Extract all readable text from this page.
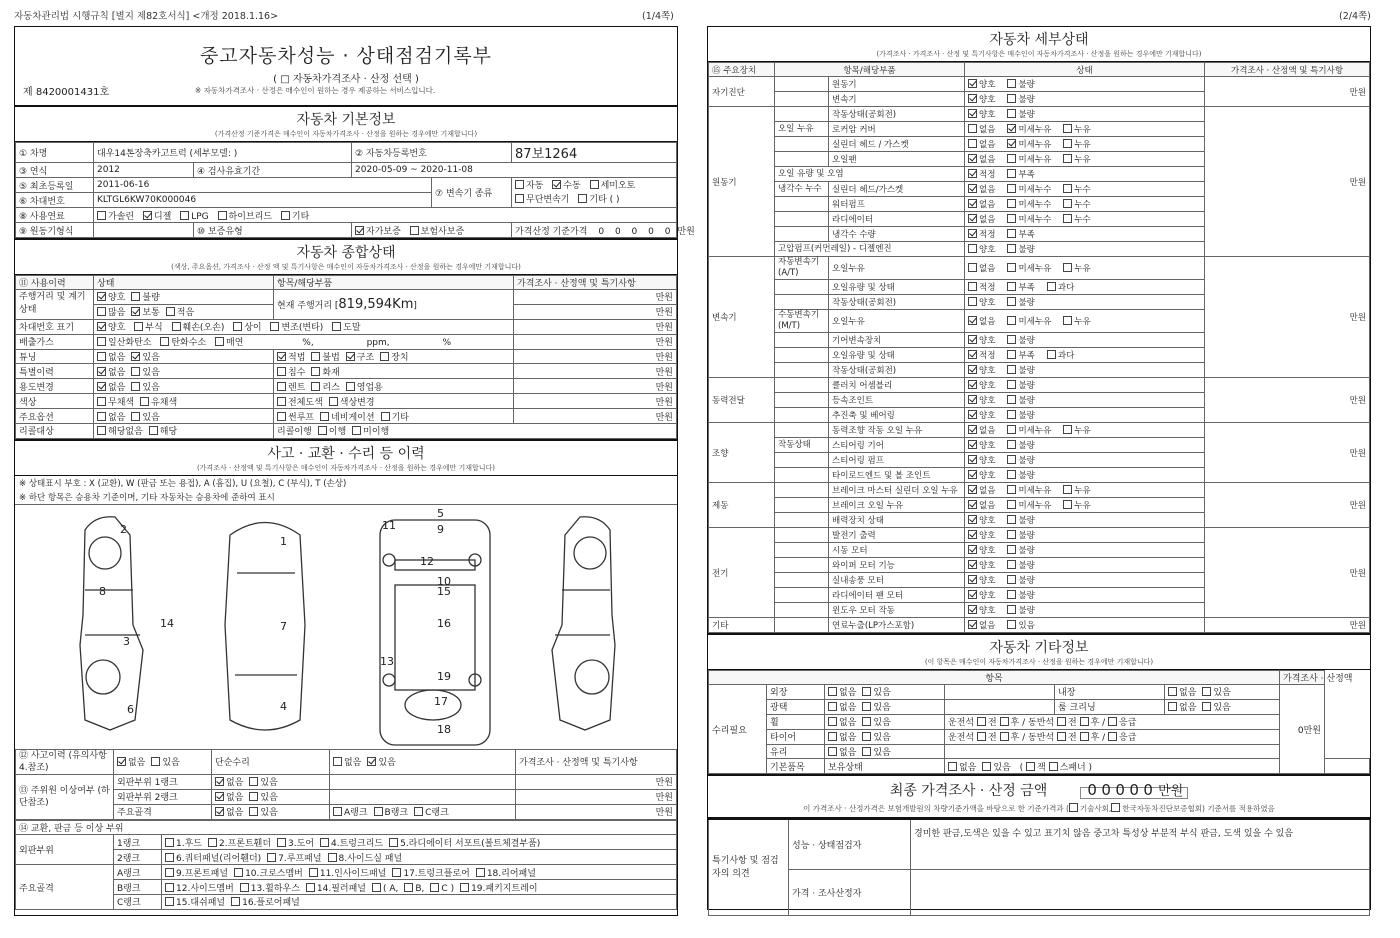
자동차관리법 시행규칙 [별지 제82호서식] <개정 2018.1.16>	(1/4쪽)	(2/4쪽)
중고자동차성능 · 상태점검기록부
( □ 자동차가격조사 · 산정 선택 )
제 8420001431호	※ 자동차가격조사 · 산정은 매수인이 원하는 경우 제공하는 서비스입니다.
자동차 기본정보
(가격산정 기준가격은 매수인이 자동차가격조사 · 산정을 원하는 경우에만 기재합니다)
① 차명	대우14톤장축카고트럭 (세부모델: )		② 자동차등록번호		87보1264
③ 연식	2012	④ 검사유효기간	2020-05-09 ~ 2020-11-08		
⑤ 최초등록일	2011-06-16			⑦ 변속기 종류	자동 수동 세미오토
무단변속기 기타 ( )
⑥ 차대번호	KLTGL6KW70K000046				
⑧ 사용연료	가솔린 디젤 LPG 하이브리드 기타				
⑨ 원동기형식		⑩ 보증유형	자가보증 보험사보증		가격산정 기준가격 0 0 0 0 0 만원
자동차 종합상태
(색상, 주요옵션, 가격조사 · 산정 액 및 특기사항은 매수인이 자동차가격조사 · 산정을 원하는 경우에만 기재합니다)
⑪ 사용이력	상태	항목/해당부품	가격조사 · 산정액 및 특기사항
주행거리 및 계기상태	양호 불량	현재 주행거리 [819,594Km]	만원
	많음 보통 적음		만원
차대번호 표기	양호 부식 훼손(오손) 상이 변조(변타) 도말		만원
배출가스	일산화탄소 탄화수소 매연 %, ppm, %		만원
튜닝	없음 있음	적법 불법 구조 장치	만원
특별이력	없음 있음	침수 화재	만원
용도변경	없음 있음	렌트 리스 영업용	만원
색상	무채색 유채색	전체도색 색상변경	만원
주요옵션	없음 있음	썬루프 네비게이션 기타	만원
리콜대상	해당없음 해당	리콜이행 이행 미이행	
사고 · 교환 · 수리 등 이력
(가격조사 · 산정액 및 특기사항은 매수인이 자동차가격조사 · 산정을 원하는 경우에만 기재합니다)
※ 상태표시 부호 : X (교환), W (판금 또는 용접), A (흠집), U (요철), C (부식), T (손상)
※ 하단 항목은 승용차 기준이며, 기타 자동차는 승용차에 준하여 표시
1
2
3
4
5
6
7
8
9
10
11
12
13
14
15
16
17
18
19
⑫ 사고이력 (유의사항 4.참조)	없음 있음	단순수리	없음 있음	가격조사 · 산정액 및 특기사항

⑬ 주위원 이상여부 (하단참조)	외판부위 1랭크	없음 있음		만원
	외판부위 2랭크	없음 있음		만원
	주요골격	없음 있음	A랭크 B랭크 C랭크	만원
⑭ 교환, 판금 등 이상 부위		
외판부위	1랭크	1.후드 2.프론트휀더 3.도어 4.트렁크리드 5.라디에이터 서포트(볼트체결부품)
	2랭크	6.쿼터패널(리어휀더) 7.루프패널 8.사이드실 패널
주요골격	A랭크	9.프론트패널 10.크로스멤버 11.인사이드패널 17.트렁크플로어 18.리어패널
	B랭크	12.사이드멤버 13.휠하우스 14.필러패널 ( A, B, C ) 19.패키지트레이
	C랭크	15.대쉬패널 16.플로어패널
자동차 세부상태
(가격조사 · 가격조사 · 산정 및 특기사항은 매수인이 자동차가격조사 · 산정을 원하는 경우에만 기재합니다)
⑮ 주요장치	항목/해당부품		상태	가격조사 · 산정액 및 특기사항
자기진단		원동기	양호 불량	만원
		변속기	양호 불량	
원동기		작동상태(공회전)	양호 불량	만원
	오일 누유	로커암 커버	없음 미세누유 누유	
		실린더 헤드 / 가스켓	없음 미세누유 누유	
		오일팬	없음 미세누유 누유	
	오일 유량 및 오염		적정 부족	
	냉각수 누수	실린더 헤드/가스켓	없음 미세누수 누수	
		워터펌프	없음 미세누수 누수	
		라디에이터	없음 미세누수 누수	
		냉각수 수량	적정 부족	
	고압펌프(커먼레일) - 디젤엔진		양호 불량	
변속기	자동변속기 (A/T)	오일누유	없음 미세누유 누유	만원
		오일유량 및 상태	적정 부족 과다	
		작동상태(공회전)	양호 불량	
	수동변속기 (M/T)	오일누유	없음 미세누유 누유	
		기어변속장치	양호 불량	
		오일유량 및 상태	적정 부족 과다	
		작동상태(공회전)	양호 불량	
동력전달		클러치 어셈블리	양호 불량	만원
		등속조인트	양호 불량	
		추진축 및 베어링	양호 불량	
조향		동력조향 작동 오일 누유	없음 미세누유 누유	만원
	작동상태	스티어링 기어	양호 불량	
		스티어링 펌프	양호 불량	
		타이로드엔드 및 볼 조인트	양호 불량	
제동		브레이크 마스터 실린더 오일 누유	없음 미세누유 누유	만원
		브레이크 오일 누유	없음 미세누유 누유	
		배력장치 상태	양호 불량	
전기		발전기 출력	양호 불량	만원
		시동 모터	양호 불량	
		와이퍼 모터 기능	양호 불량	
		실내송풍 모터	양호 불량	
		라디에이터 팬 모터	양호 불량	
		윈도우 모터 작동	양호 불량	
기타		연료누출(LP가스포함)	없음 있음	만원
자동차 기타정보
(이 항목은 매수인이 자동차가격조사 · 산정을 원하는 경우에만 기재합니다)
항목						가격조사 · 산정액	
수리필요	외장	없음 있음		내장	없음 있음	0만원	
	광택	없음 있음		룸 크리닝	없음 있음		
	휠	없음 있음	운전석 전 후 / 동반석 전 후 / 응급				
	타이어	없음 있음	운전석 전 후 / 동반석 전 후 / 응급				
	유리	없음 있음					
	기본품목	보유상태	없음 있음 ( 잭 스패너 )				
최종 가격조사 · 산정 금액	0 0 0 0 0 만원
이 가격조사 · 산정가격은 보험개발원의 차량기준가액을 바탕으로 한 기준가격과 ( 기술사회, 한국자동차진단보증협회) 기준서를 적용하였음
특기사항 및 점검자의 의견	성능 · 상태점검자	경미한 판금,도색은 있을 수 있고 표기치 않음 중고차 특성상 부분적 부식 판금, 도색 있을 수 있음
	가격 · 조사산정자	
